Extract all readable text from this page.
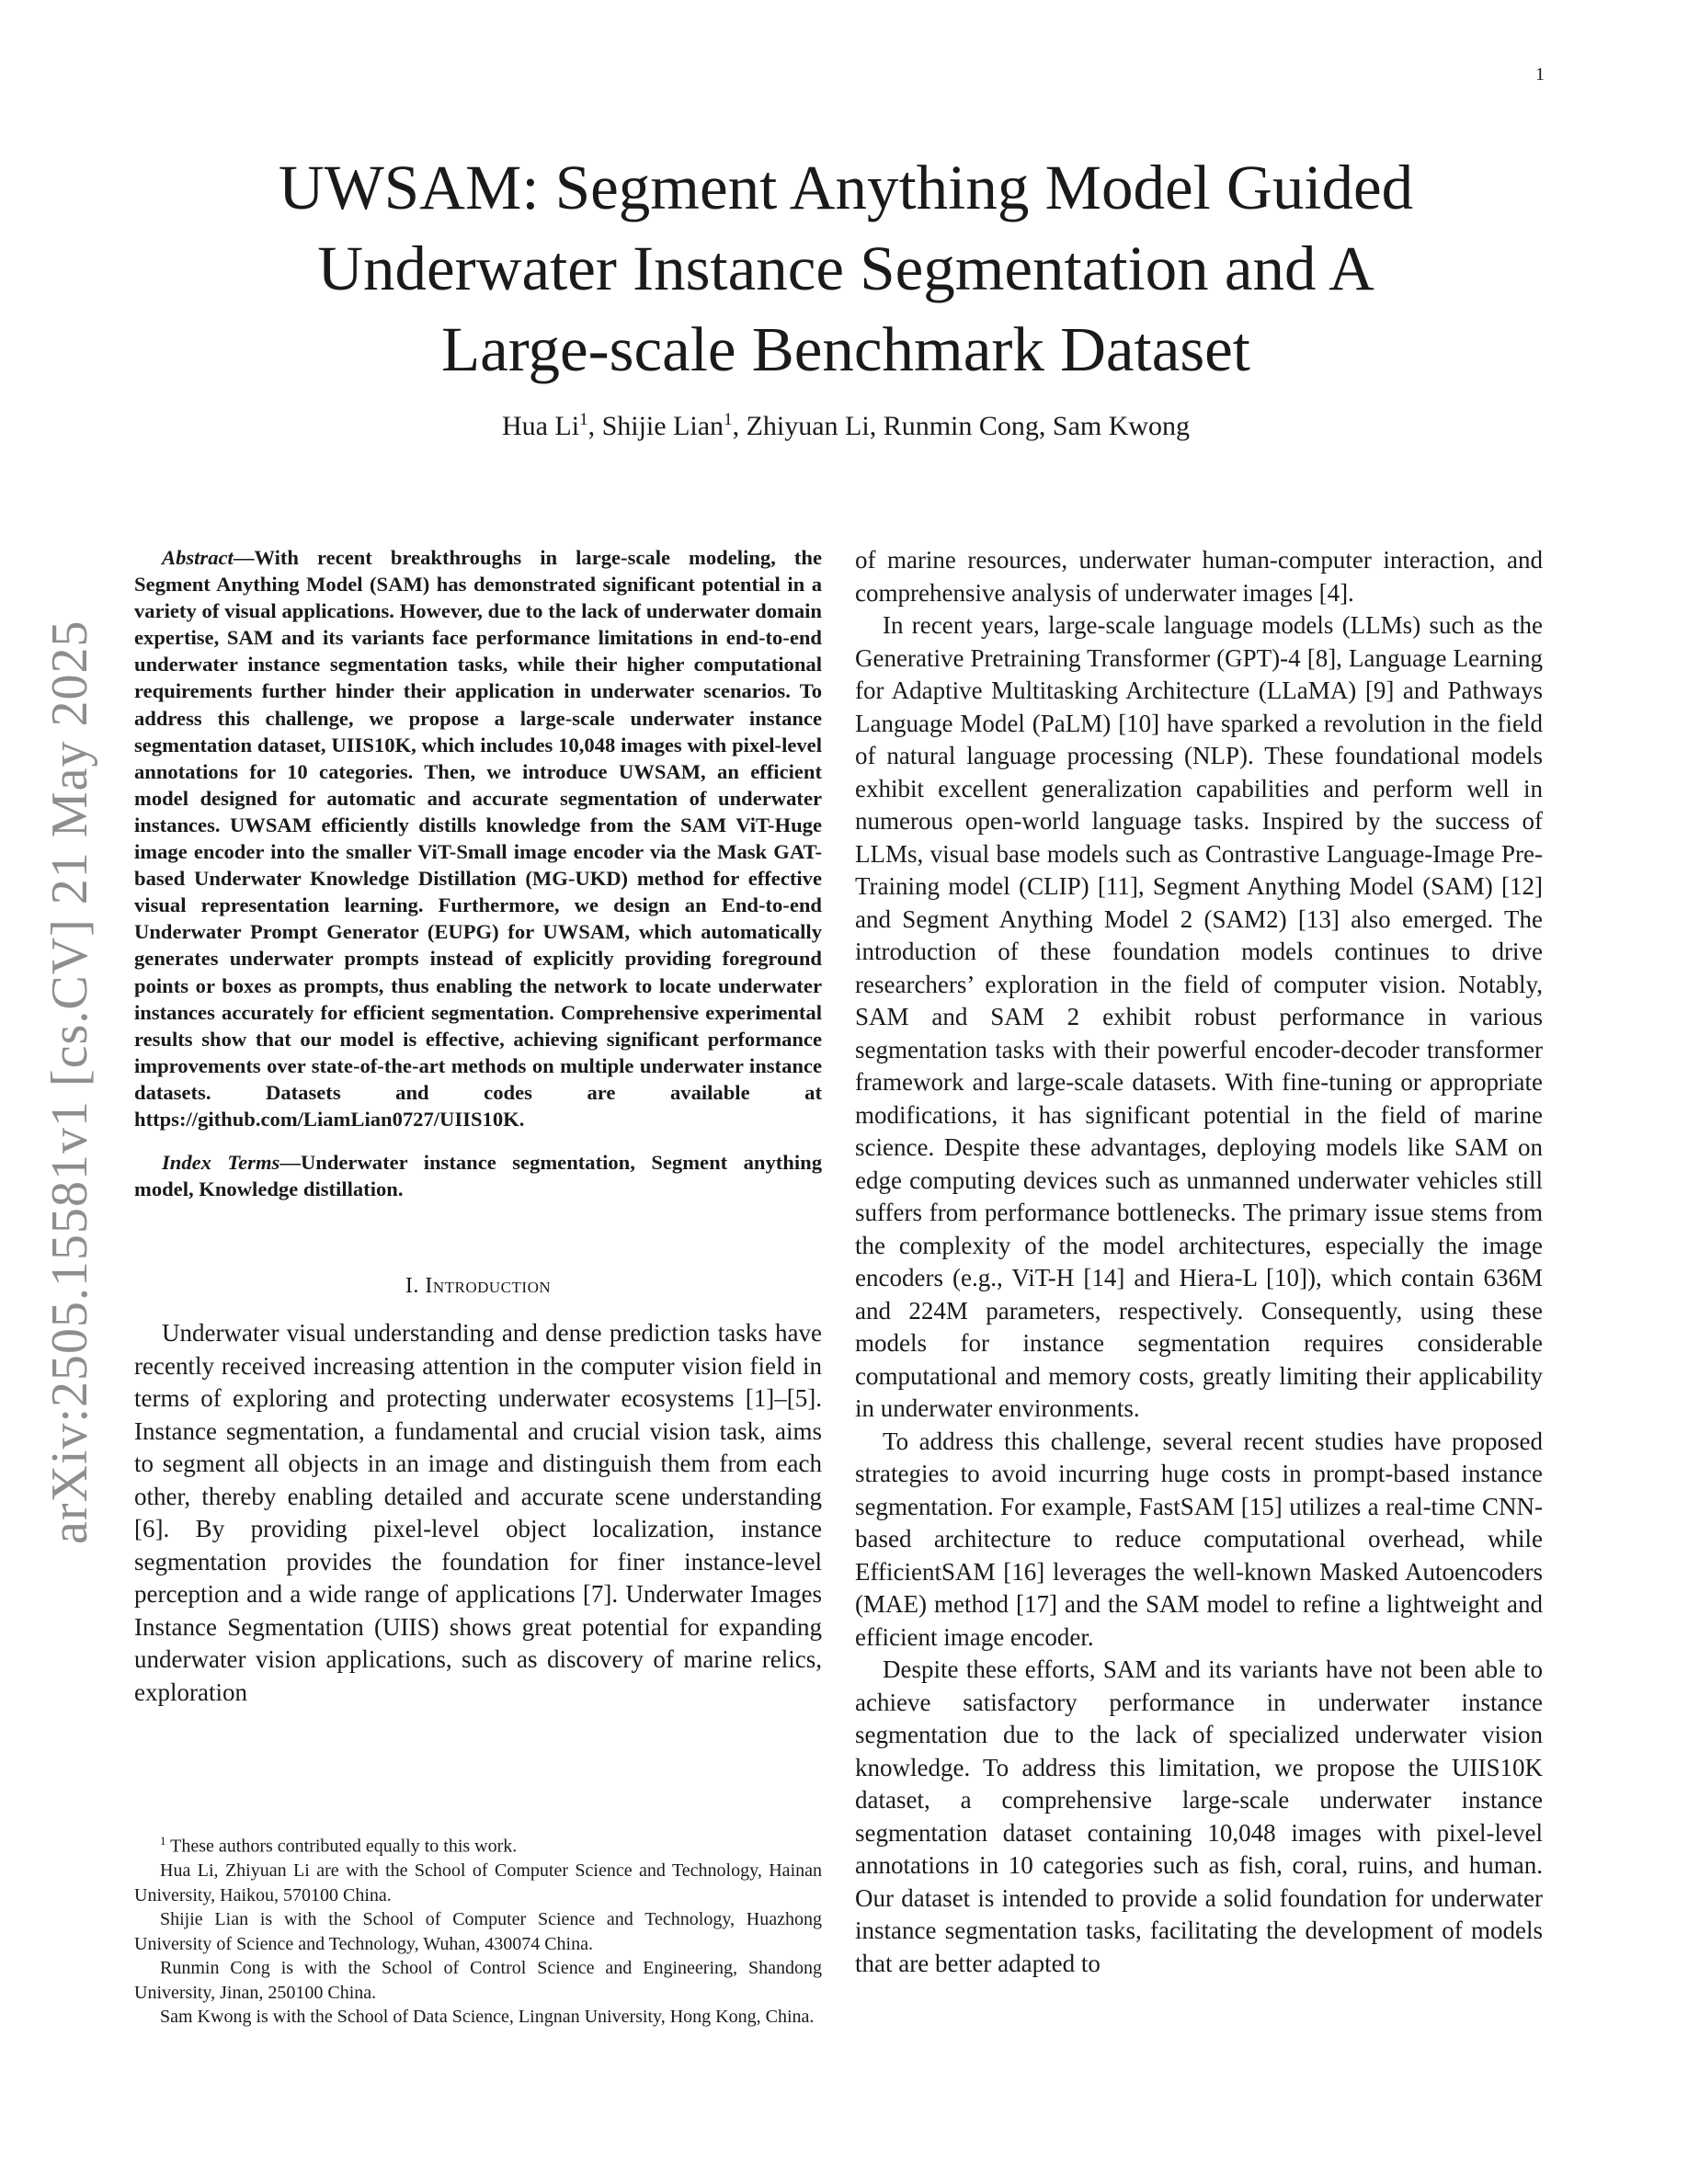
1
arXiv:2505.15581v1 [cs.CV] 21 May 2025
UWSAM: Segment Anything Model Guided
Underwater Instance Segmentation and A
Large-scale Benchmark Dataset
Hua Li$^1$, Shijie Lian$^1$, Zhiyuan Li, Runmin Cong, Sam Kwong

Abstract—With recent breakthroughs in large-scale modeling, the Segment Anything Model (SAM) has demonstrated significant potential in a variety of visual applications. However, due to the lack of underwater domain expertise, SAM and its variants face performance limitations in end-to-end underwater instance segmentation tasks, while their higher computational requirements further hinder their application in underwater scenarios. To address this challenge, we propose a large-scale underwater instance segmentation dataset, UIIS10K, which includes 10,048 images with pixel-level annotations for 10 categories. Then, we introduce UWSAM, an efficient model designed for automatic and accurate segmentation of underwater instances. UWSAM efficiently distills knowledge from the SAM ViT-Huge image encoder into the smaller ViT-Small image encoder via the Mask GAT-based Underwater Knowledge Distillation (MG-UKD) method for effective visual representation learning. Furthermore, we design an End-to-end Underwater Prompt Generator (EUPG) for UWSAM, which automatically generates underwater prompts instead of explicitly providing foreground points or boxes as prompts, thus enabling the network to locate underwater instances accurately for efficient segmentation. Comprehensive experimental results show that our model is effective, achieving significant performance improvements over state-of-the-art methods on multiple underwater instance datasets. Datasets and codes are available at https://github.com/LiamLian0727/UIIS10K.

Index Terms—Underwater instance segmentation, Segment anything model, Knowledge distillation.

I. Introduction

Underwater visual understanding and dense prediction tasks have recently received increasing attention in the computer vision field in terms of exploring and protecting underwater ecosystems [1]–[5]. Instance segmentation, a fundamental and crucial vision task, aims to segment all objects in an image and distinguish them from each other, thereby enabling detailed and accurate scene understanding [6]. By providing pixel-level object localization, instance segmentation provides the foundation for finer instance-level perception and a wide range of applications [7]. Underwater Images Instance Segmentation (UIIS) shows great potential for expanding underwater vision applications, such as discovery of marine relics, exploration

$^1$ These authors contributed equally to this work.

Hua Li, Zhiyuan Li are with the School of Computer Science and Technology, Hainan University, Haikou, 570100 China.

Shijie Lian is with the School of Computer Science and Technology, Huazhong University of Science and Technology, Wuhan, 430074 China.

Runmin Cong is with the School of Control Science and Engineering, Shandong University, Jinan, 250100 China.

Sam Kwong is with the School of Data Science, Lingnan University, Hong Kong, China.

of marine resources, underwater human-computer interaction, and comprehensive analysis of underwater images [4].

In recent years, large-scale language models (LLMs) such as the Generative Pretraining Transformer (GPT)-4 [8], Language Learning for Adaptive Multitasking Architecture (LLaMA) [9] and Pathways Language Model (PaLM) [10] have sparked a revolution in the field of natural language processing (NLP). These foundational models exhibit excellent generalization capabilities and perform well in numerous open-world language tasks. Inspired by the success of LLMs, visual base models such as Contrastive Language-Image Pre-Training model (CLIP) [11], Segment Anything Model (SAM) [12] and Segment Anything Model 2 (SAM2) [13] also emerged. The introduction of these foundation models continues to drive researchers’ exploration in the field of computer vision. Notably, SAM and SAM 2 exhibit robust performance in various segmentation tasks with their powerful encoder-decoder transformer framework and large-scale datasets. With fine-tuning or appropriate modifications, it has significant potential in the field of marine science. Despite these advantages, deploying models like SAM on edge computing devices such as unmanned underwater vehicles still suffers from performance bottlenecks. The primary issue stems from the complexity of the model architectures, especially the image encoders (e.g., ViT-H [14] and Hiera-L [10]), which contain 636M and 224M parameters, respectively. Consequently, using these models for instance segmentation requires considerable computational and memory costs, greatly limiting their applicability in underwater environments.

To address this challenge, several recent studies have proposed strategies to avoid incurring huge costs in prompt-based instance segmentation. For example, FastSAM [15] utilizes a real-time CNN-based architecture to reduce computational overhead, while EfficientSAM [16] leverages the well-known Masked Autoencoders (MAE) method [17] and the SAM model to refine a lightweight and efficient image encoder.

Despite these efforts, SAM and its variants have not been able to achieve satisfactory performance in underwater instance segmentation due to the lack of specialized underwater vision knowledge. To address this limitation, we propose the UIIS10K dataset, a comprehensive large-scale underwater instance segmentation dataset containing 10,048 images with pixel-level annotations in 10 categories such as fish, coral, ruins, and human. Our dataset is intended to provide a solid foundation for underwater instance segmentation tasks, facilitating the development of models that are better adapted to
